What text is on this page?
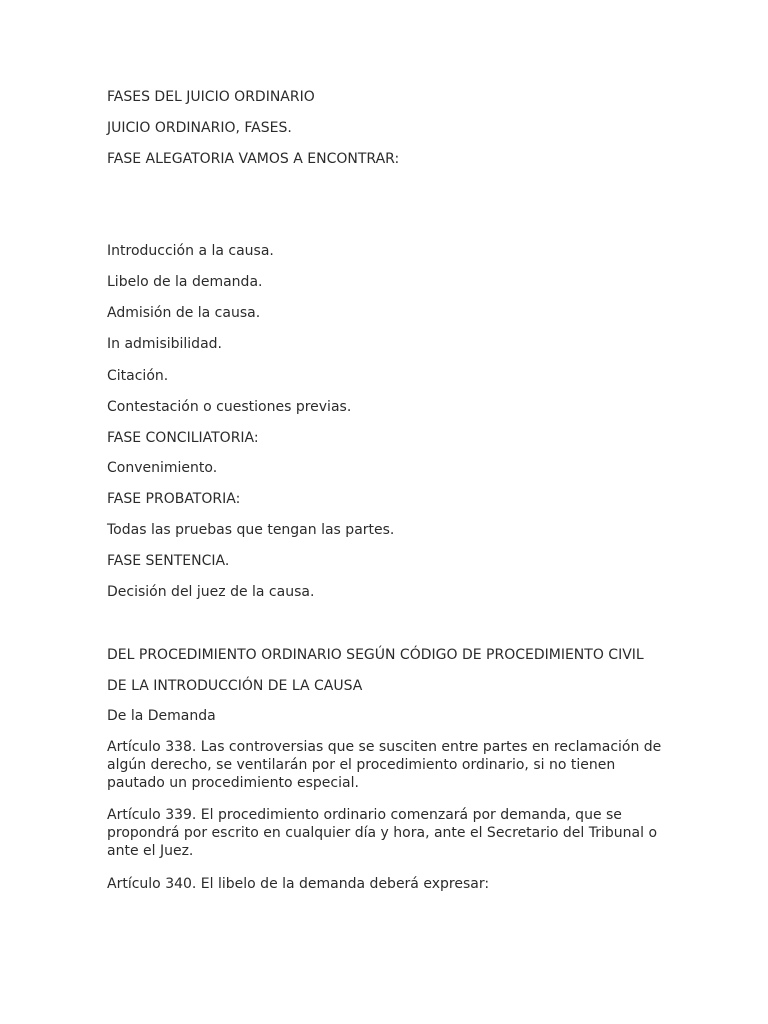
FASES DEL JUICIO ORDINARIO

JUICIO ORDINARIO, FASES.

FASE ALEGATORIA VAMOS A ENCONTRAR:

Introducción a la causa.

Libelo de la demanda.

Admisión de la causa.

In admisibilidad.

Citación.

Contestación o cuestiones previas.

FASE CONCILIATORIA:

Convenimiento.

FASE PROBATORIA:

Todas las pruebas que tengan las partes.

FASE SENTENCIA.

Decisión del juez de la causa.

DEL PROCEDIMIENTO ORDINARIO SEGÚN CÓDIGO DE PROCEDIMIENTO CIVIL

DE LA INTRODUCCIÓN DE LA CAUSA

De la Demanda

Artículo 338. Las controversias que se susciten entre partes en reclamación de algún derecho, se ventilarán por el procedimiento ordinario, si no tienen pautado un procedimiento especial.

Artículo 339. El procedimiento ordinario comenzará por demanda, que se propondrá por escrito en cualquier día y hora, ante el Secretario del Tribunal o ante el Juez.

Artículo 340. El libelo de la demanda deberá expresar:
